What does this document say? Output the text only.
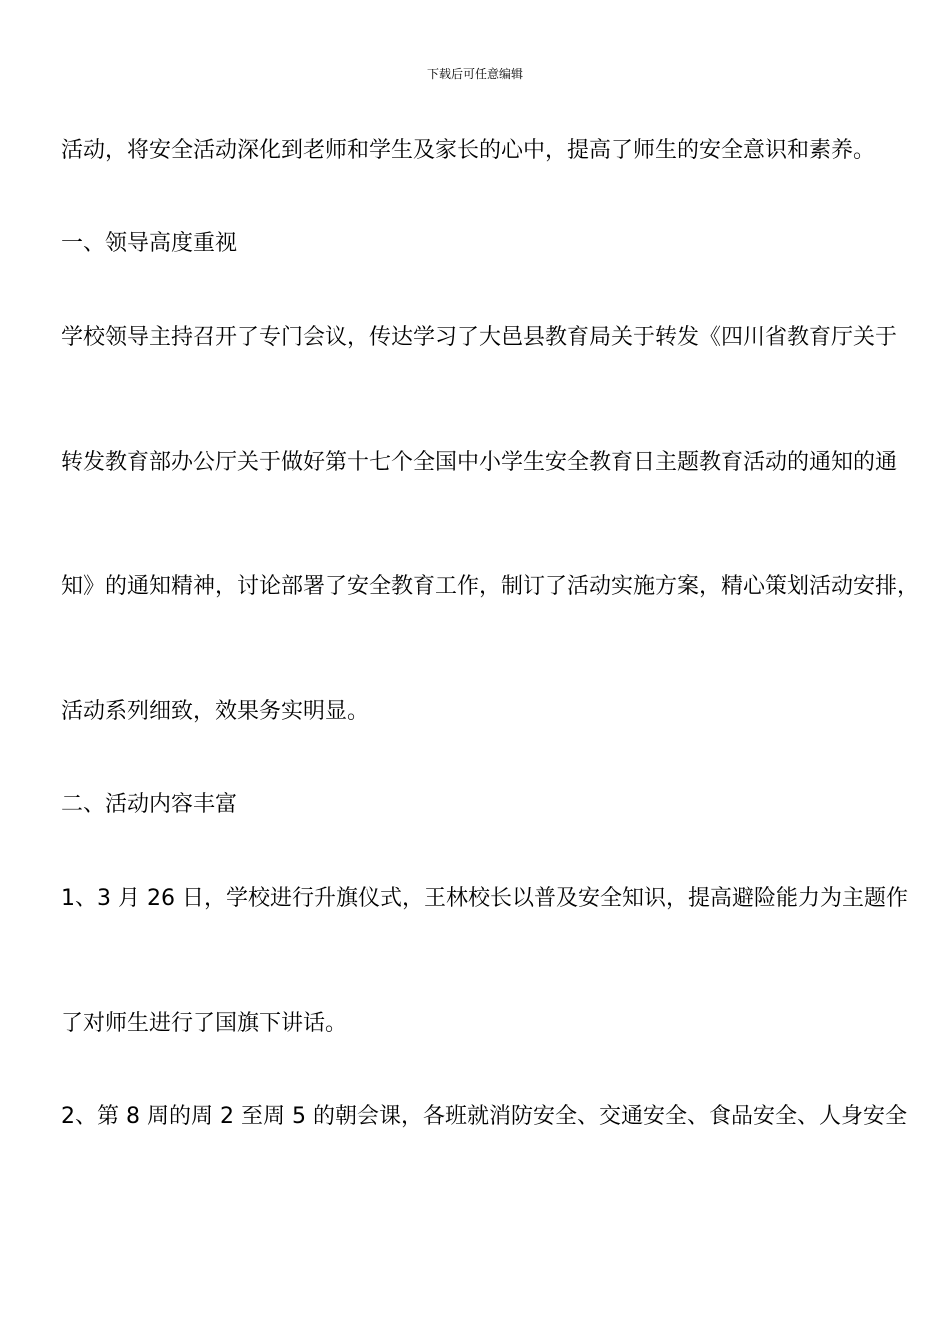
下载后可任意编辑
活动，将安全活动深化到老师和学生及家长的心中，提高了师生的安全意识和素养。
一、领导高度重视
学校领导主持召开了专门会议，传达学习了大邑县教育局关于转发《四川省教育厅关于
转发教育部办公厅关于做好第十七个全国中小学生安全教育日主题教育活动的通知的通
知》的通知精神，讨论部署了安全教育工作，制订了活动实施方案，精心策划活动安排，
活动系列细致，效果务实明显。
二、活动内容丰富
1、3 月 26 日，学校进行升旗仪式，王林校长以普及安全知识，提高避险能力为主题作
了对师生进行了国旗下讲话。
2、第 8 周的周 2 至周 5 的朝会课，各班就消防安全、交通安全、食品安全、人身安全
